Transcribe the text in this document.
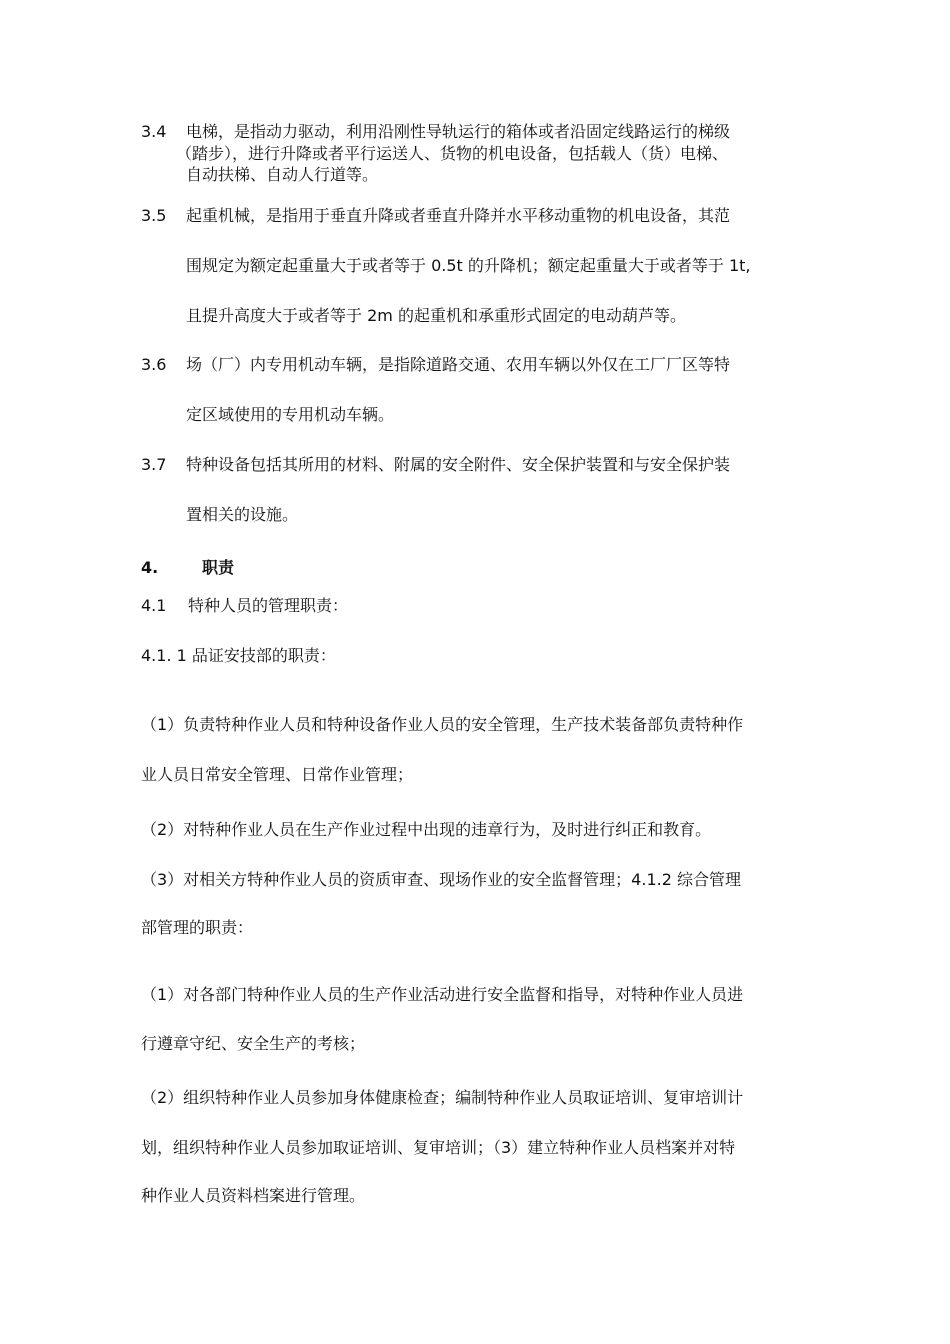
3.4 电梯，是指动力驱动，利用沿刚性导轨运行的箱体或者沿固定线路运行的梯级
（踏步），进行升降或者平行运送人、货物的机电设备，包括载人（货）电梯、
自动扶梯、自动人行道等。
3.5 起重机械，是指用于垂直升降或者垂直升降并水平移动重物的机电设备，其范
围规定为额定起重量大于或者等于 0.5t 的升降机；额定起重量大于或者等于 1t,
且提升高度大于或者等于 2m 的起重机和承重形式固定的电动葫芦等。
3.6 场（厂）内专用机动车辆，是指除道路交通、农用车辆以外仅在工厂厂区等特
定区域使用的专用机动车辆。
3.7 特种设备包括其所用的材料、附属的安全附件、安全保护装置和与安全保护装
置相关的设施。
4.	职责
4.1 特种人员的管理职责：
4.1. 1 品证安技部的职责：
（1）负责特种作业人员和特种设备作业人员的安全管理，生产技术装备部负责特种作
业人员日常安全管理、日常作业管理；
（2）对特种作业人员在生产作业过程中出现的违章行为，及时进行纠正和教育。
（3）对相关方特种作业人员的资质审查、现场作业的安全监督管理；4.1.2 综合管理
部管理的职责：
（1）对各部门特种作业人员的生产作业活动进行安全监督和指导，对特种作业人员进
行遵章守纪、安全生产的考核；
（2）组织特种作业人员参加身体健康检查；编制特种作业人员取证培训、复审培训计
划，组织特种作业人员参加取证培训、复审培训；（3）建立特种作业人员档案并对特
种作业人员资料档案进行管理。
